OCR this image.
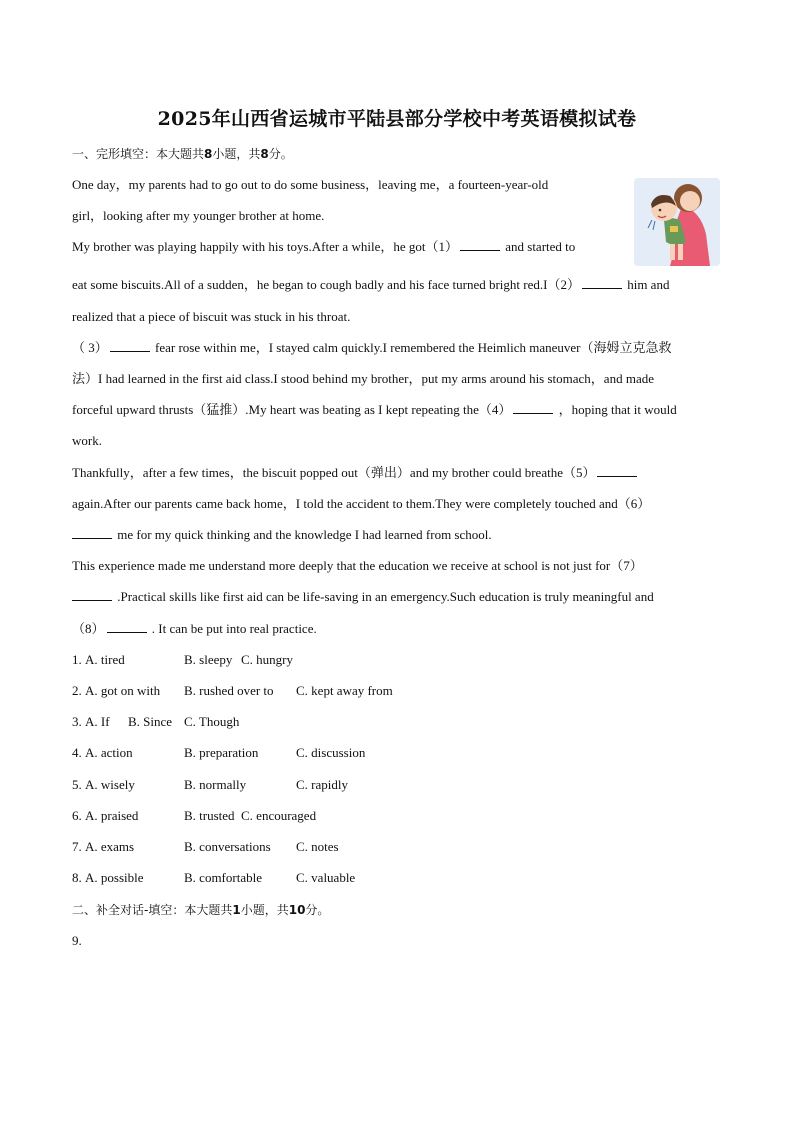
2025年山西省运城市平陆县部分学校中考英语模拟试卷
一、完形填空：本大题共8小题，共8分。
One day，my parents had to go out to do some business，leaving me，a fourteen-year-old
girl，looking after my younger brother at home.
My brother was playing happily with his toys.After a while，he got（1）	and started to
eat some biscuits.All of a sudden，he began to cough badly and his face turned bright red.I（2）	him and
realized that a piece of biscuit was stuck in his throat.
（ 3）	fear rose within me，I stayed calm quickly.I remembered the Heimlich maneuver（海姆立克急救
法）I had learned in the first aid class.I stood behind my brother，put my arms around his stomach，and made
forceful upward thrusts（猛推）.My heart was beating as I kept repeating the（4）	，hoping that it would
work.
Thankfully，after a few times，the biscuit popped out（弹出）and my brother could breathe（5）
again.After our parents came back home，I told the accident to them.They were completely touched and（6）
me for my quick thinking and the knowledge I had learned from school.
This experience made me understand more deeply that the education we receive at school is not just for（7）
.Practical skills like first aid can be life-saving in an emergency.Such education is truly meaningful and
（8）	. It can be put into real practice.
1. A. tired	B. sleepy C. hungry
2. A. got on with B. rushed over to C. kept away from
3. A. If B. Since C. Though
4. A. action	B. preparation	C. discussion
5. A. wisely	B. normally	C. rapidly
6. A. praised	B. trusted C. encouraged
7. A. exams	B. conversations C. notes
8. A. possible	B. comfortable	C. valuable
二、补全对话-填空：本大题共1小题，共10分。
9.
